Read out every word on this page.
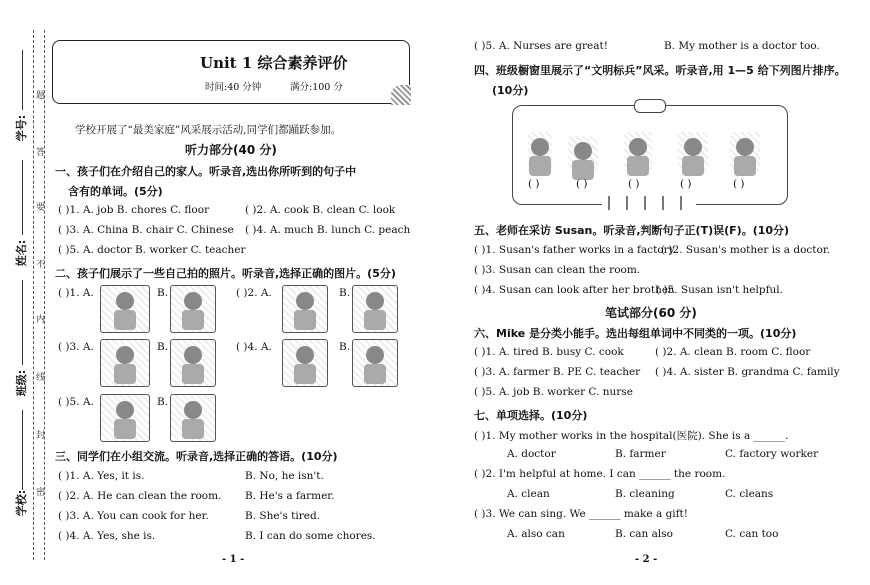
学号:
姓名:
班级:
学校:
题
答
要
不
内
线
封
密
Unit 1 综合素养评价
时间:40 分钟	满分:100 分
学校开展了“最美家庭”风采展示活动,同学们都踊跃参加。
听力部分(40 分)
一、孩子们在介绍自己的家人。听录音,选出你所听到的句子中
含有的单词。(5分)
( )1. A. job B. chores C. floor	( )2. A. cook B. clean C. look
( )3. A. China B. chair C. Chinese ( )4. A. much B. lunch C. peach
( )5. A. doctor B. worker C. teacher
二、孩子们展示了一些自己拍的照片。听录音,选择正确的图片。(5分)
( )1. A.	B.	( )2. A.	B.
( )3. A.	B.	( )4. A.	B.
( )5. A.	B.
三、同学们在小组交流。听录音,选择正确的答语。(10分)
( )1. A. Yes, it is.	B. No, he isn't.
( )2. A. He can clean the room. B. He's a farmer.
( )3. A. You can cook for her.	B. She's tired.
( )4. A. Yes, she is.	B. I can do some chores.
- 1 -
( )5. A. Nurses are great!	B. My mother is a doctor too.
四、班级橱窗里展示了“文明标兵”风采。听录音,用 1—5 给下列图片排序。
(10分)
( )	( )	( )	( )	( )
五、老师在采访 Susan。听录音,判断句子正(T)误(F)。(10分)
( )1. Susan's father works in a factory.
( )2. Susan's mother is a doctor.
( )3. Susan can clean the room.
( )4. Susan can look after her brother.
( )5. Susan isn't helpful.
笔试部分(60 分)
六、Mike 是分类小能手。选出每组单词中不同类的一项。(10分)
( )1. A. tired B. busy C. cook	( )2. A. clean B. room C. floor
( )3. A. farmer B. PE C. teacher ( )4. A. sister B. grandma C. family
( )5. A. job B. worker C. nurse
七、单项选择。(10分)
( )1. My mother works in the hospital(医院). She is a ______.
A. doctor	B. farmer	C. factory worker
( )2. I'm helpful at home. I can ______ the room.
A. clean	B. cleaning	C. cleans
( )3. We can sing. We ______ make a gift!
A. also can	B. can also	C. can too
- 2 -
